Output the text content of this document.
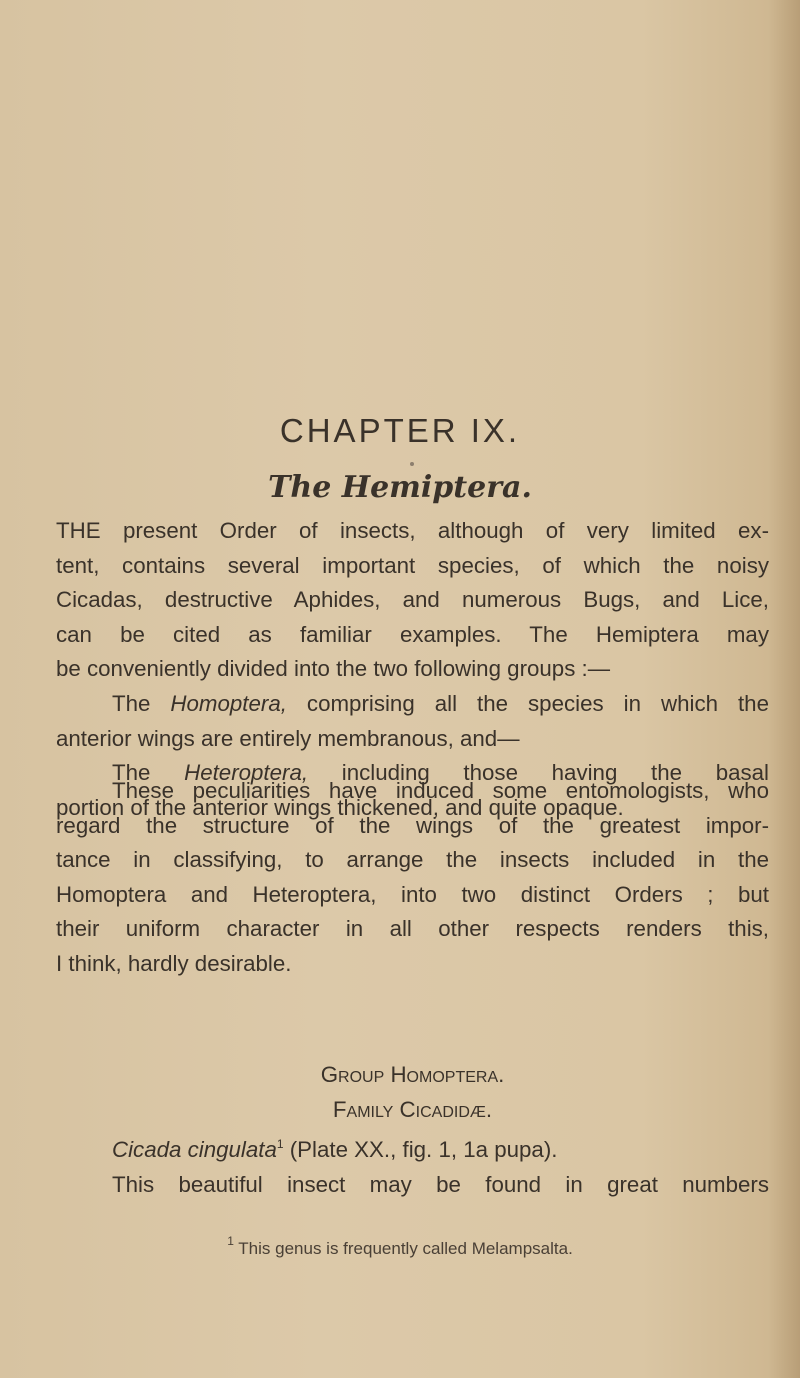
CHAPTER IX.
The Hemiptera.

THE present Order of insects, although of very limited ex-

tent, contains several important species, of which the noisy

Cicadas, destructive Aphides, and numerous Bugs, and Lice,

can be cited as familiar examples. The Hemiptera may

be conveniently divided into the two following groups :—

The Homoptera, comprising all the species in which the

anterior wings are entirely membranous, and—

The Heteroptera, including those having the basal

portion of the anterior wings thickened, and quite opaque.

These peculiarities have induced some entomologists, who

regard the structure of the wings of the greatest impor-

tance in classifying, to arrange the insects included in the

Homoptera and Heteroptera, into two distinct Orders ; but

their uniform character in all other respects renders this,

I think, hardly desirable.

Group Homoptera.

Family Cicadidæ.

Cicada cingulata$^1$ (Plate XX., fig. 1, 1a pupa).

This beautiful insect may be found in great numbers

$^1$ This genus is frequently called Melampsalta.
